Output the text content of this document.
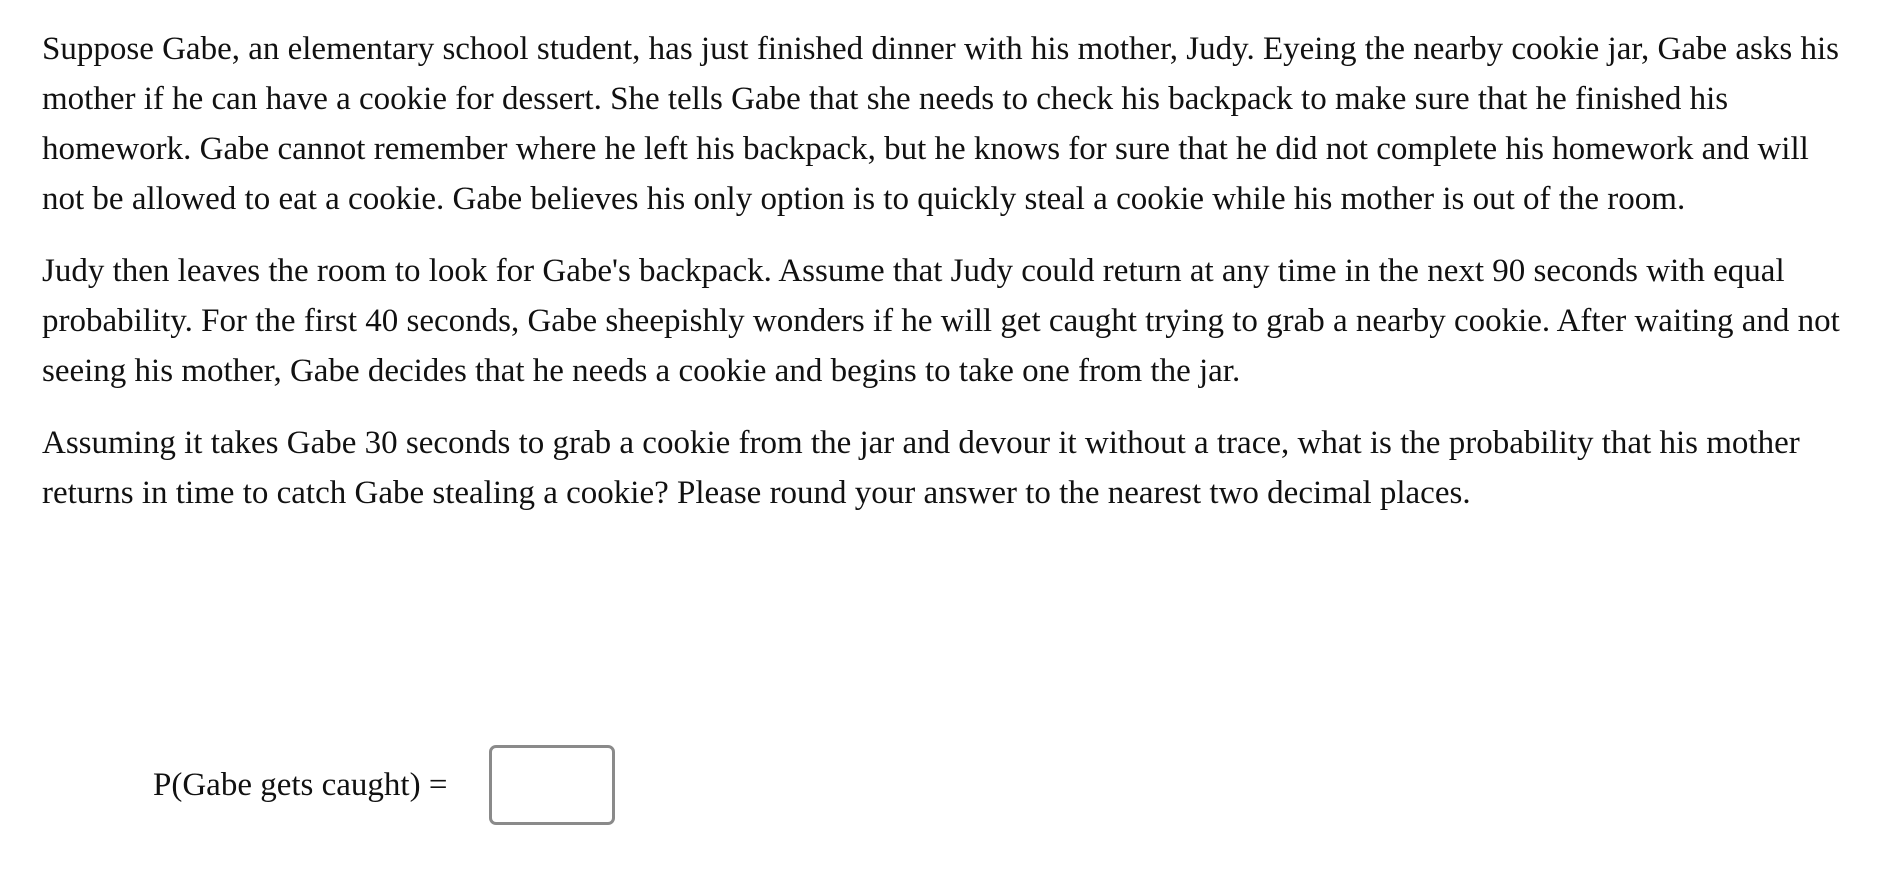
Suppose Gabe, an elementary school student, has just finished dinner with his mother, Judy. Eyeing the nearby cookie jar, Gabe asks his mother if he can have a cookie for dessert. She tells Gabe that she needs to check his backpack to make sure that he finished his homework. Gabe cannot remember where he left his backpack, but he knows for sure that he did not complete his homework and will not be allowed to eat a cookie. Gabe believes his only option is to quickly steal a cookie while his mother is out of the room.

Judy then leaves the room to look for Gabe's backpack. Assume that Judy could return at any time in the next 90 seconds with equal probability. For the first 40 seconds, Gabe sheepishly wonders if he will get caught trying to grab a nearby cookie. After waiting and not seeing his mother, Gabe decides that he needs a cookie and begins to take one from the jar.

Assuming it takes Gabe 30 seconds to grab a cookie from the jar and devour it without a trace, what is the probability that his mother returns in time to catch Gabe stealing a cookie? Please round your answer to the nearest two decimal places.

P(Gabe gets caught) =
